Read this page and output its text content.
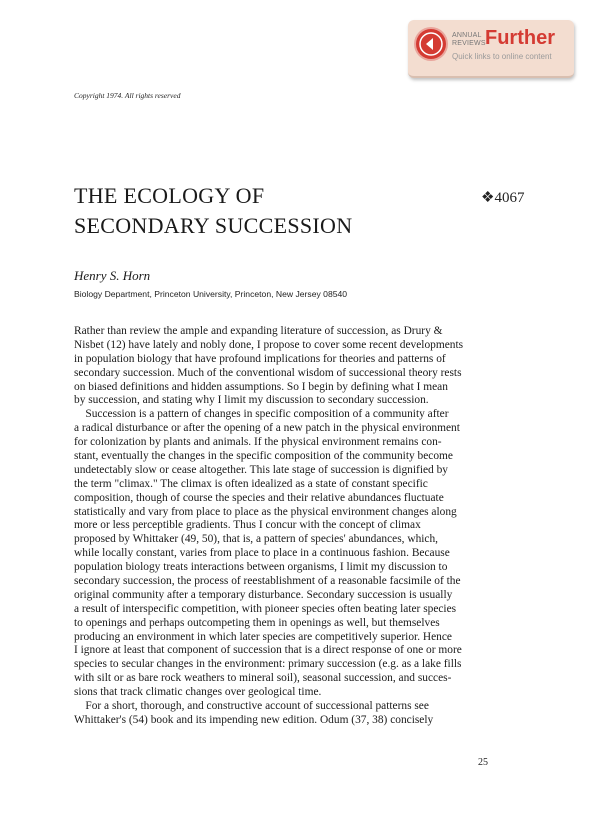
ANNUAL
REVIEWS Further
Quick links to online content
Copyright 1974. All rights reserved
THE ECOLOGY OF
SECONDARY SUCCESSION
❖4067
Henry S. Horn
Biology Department, Princeton University, Princeton, New Jersey 08540
Rather than review the ample and expanding literature of succession, as Drury &
Nisbet (12) have lately and nobly done, I propose to cover some recent developments
in population biology that have profound implications for theories and patterns of
secondary succession. Much of the conventional wisdom of successional theory rests
on biased definitions and hidden assumptions. So I begin by defining what I mean
by succession, and stating why I limit my discussion to secondary succession.
Succession is a pattern of changes in specific composition of a community after
a radical disturbance or after the opening of a new patch in the physical environment
for colonization by plants and animals. If the physical environment remains con-
stant, eventually the changes in the specific composition of the community become
undetectably slow or cease altogether. This late stage of succession is dignified by
the term "climax." The climax is often idealized as a state of constant specific
composition, though of course the species and their relative abundances fluctuate
statistically and vary from place to place as the physical environment changes along
more or less perceptible gradients. Thus I concur with the concept of climax
proposed by Whittaker (49, 50), that is, a pattern of species' abundances, which,
while locally constant, varies from place to place in a continuous fashion. Because
population biology treats interactions between organisms, I limit my discussion to
secondary succession, the process of reestablishment of a reasonable facsimile of the
original community after a temporary disturbance. Secondary succession is usually
a result of interspecific competition, with pioneer species often beating later species
to openings and perhaps outcompeting them in openings as well, but themselves
producing an environment in which later species are competitively superior. Hence
I ignore at least that component of succession that is a direct response of one or more
species to secular changes in the environment: primary succession (e.g. as a lake fills
with silt or as bare rock weathers to mineral soil), seasonal succession, and succes-
sions that track climatic changes over geological time.
For a short, thorough, and constructive account of successional patterns see
Whittaker's (54) book and its impending new edition. Odum (37, 38) concisely
25
